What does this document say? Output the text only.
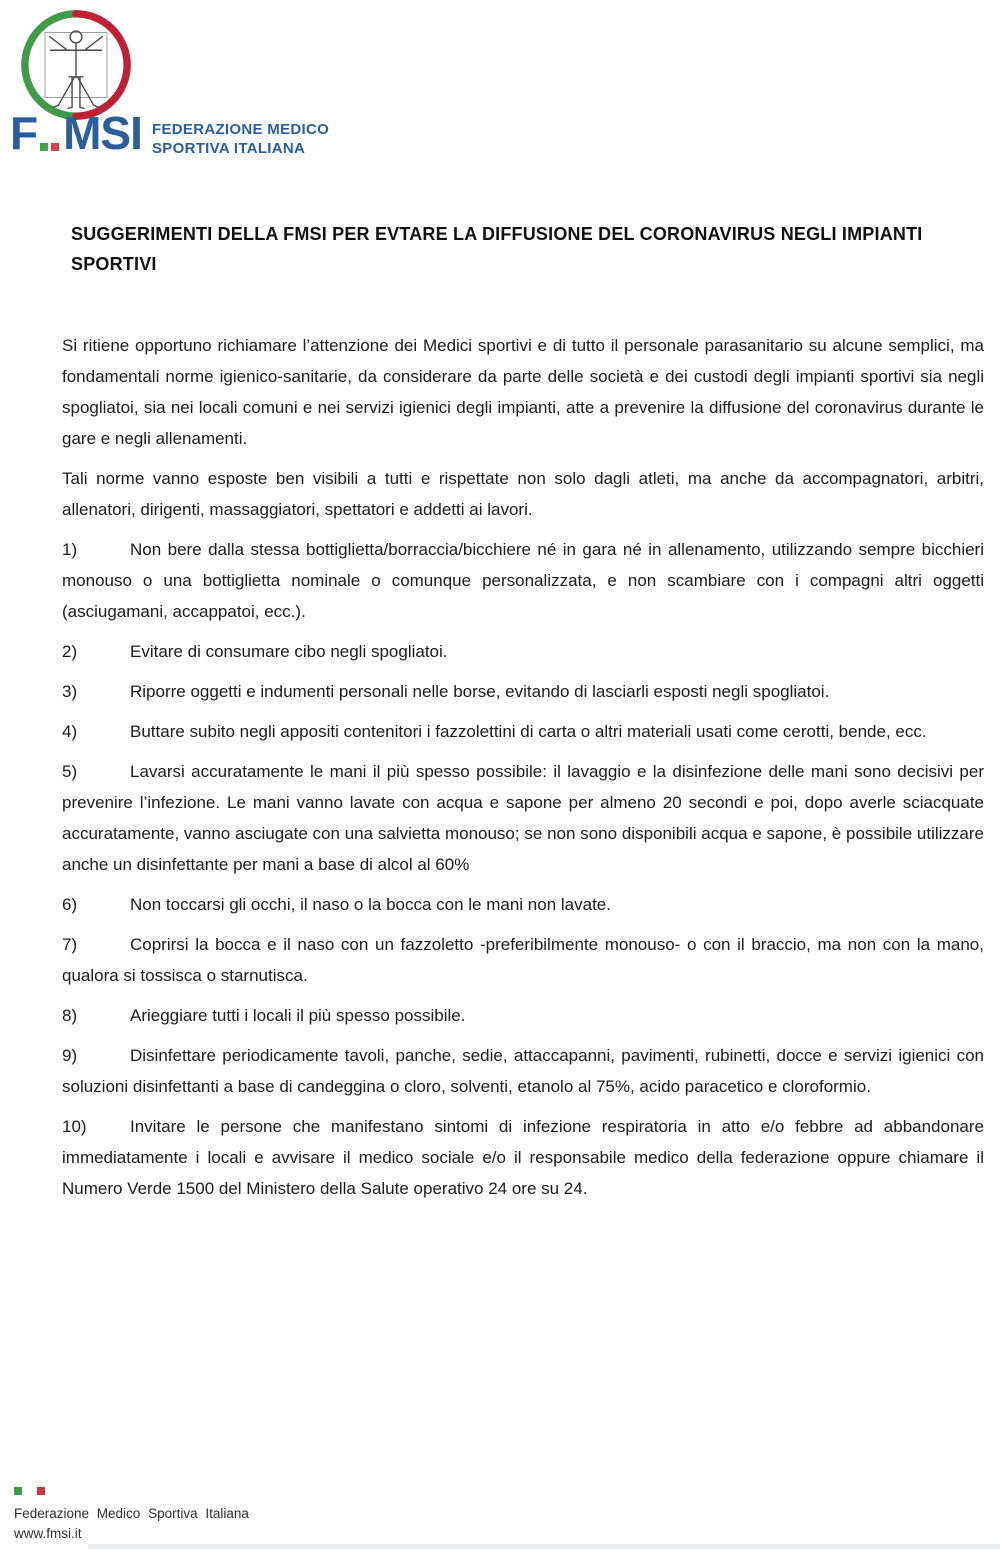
F MSI FEDERAZIONE MEDICO
SPORTIVA ITALIANA
SUGGERIMENTI DELLA FMSI PER EVTARE LA DIFFUSIONE DEL CORONAVIRUS NEGLI IMPIANTI SPORTIVI

Si ritiene opportuno richiamare l’attenzione dei Medici sportivi e di tutto il personale parasanitario su alcune semplici, ma fondamentali norme igienico-sanitarie, da considerare da parte delle società e dei custodi degli impianti sportivi sia negli spogliatoi, sia nei locali comuni e nei servizi igienici degli impianti, atte a prevenire la diffusione del coronavirus durante le gare e negli allenamenti.

Tali norme vanno esposte ben visibili a tutti e rispettate non solo dagli atleti, ma anche da accompagnatori, arbitri, allenatori, dirigenti, massaggiatori, spettatori e addetti ai lavori.

1)	Non bere dalla stessa bottiglietta/borraccia/bicchiere né in gara né in allenamento, utilizzando sempre bicchieri monouso o una bottiglietta nominale o comunque personalizzata, e non scambiare con i compagni altri oggetti (asciugamani, accappatoi, ecc.).

2)	Evitare di consumare cibo negli spogliatoi.

3)	Riporre oggetti e indumenti personali nelle borse, evitando di lasciarli esposti negli spogliatoi.

4)	Buttare subito negli appositi contenitori i fazzolettini di carta o altri materiali usati come cerotti, bende, ecc.

5)	Lavarsi accuratamente le mani il più spesso possibile: il lavaggio e la disinfezione delle mani sono decisivi per prevenire l’infezione. Le mani vanno lavate con acqua e sapone per almeno 20 secondi e poi, dopo averle sciacquate accuratamente, vanno asciugate con una salvietta monouso; se non sono disponibili acqua e sapone, è possibile utilizzare anche un disinfettante per mani a base di alcol al 60%

6)	Non toccarsi gli occhi, il naso o la bocca con le mani non lavate.

7)	Coprirsi la bocca e il naso con un fazzoletto -preferibilmente monouso- o con il braccio, ma non con la mano, qualora si tossisca o starnutisca.

8)	Arieggiare tutti i locali il più spesso possibile.

9)	Disinfettare periodicamente tavoli, panche, sedie, attaccapanni, pavimenti, rubinetti, docce e servizi igienici con soluzioni disinfettanti a base di candeggina o cloro, solventi, etanolo al 75%, acido paracetico e cloroformio.

10)	Invitare le persone che manifestano sintomi di infezione respiratoria in atto e/o febbre ad abbandonare immediatamente i locali e avvisare il medico sociale e/o il responsabile medico della federazione oppure chiamare il Numero Verde 1500 del Ministero della Salute operativo 24 ore su 24.

Federazione Medico Sportiva Italiana
www.fmsi.it
